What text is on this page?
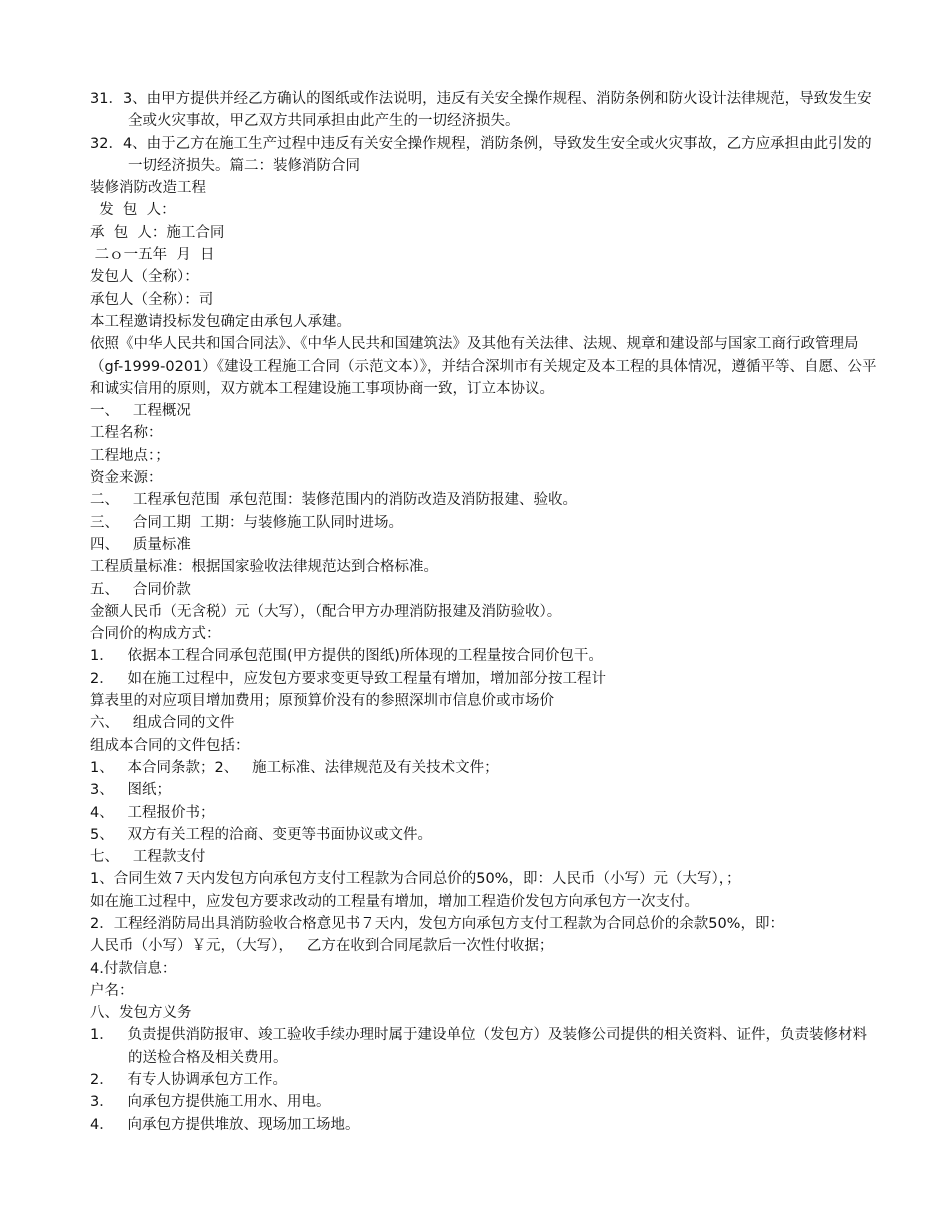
31．3、由甲方提供并经乙方确认的图纸或作法说明，违反有关安全操作规程、消防条例和防火设计法律规范，导致发生安全或火灾事故，甲乙双方共同承担由此产生的一切经济损失。
32．4、由于乙方在施工生产过程中违反有关安全操作规程，消防条例，导致发生安全或火灾事故，乙方应承担由此引发的一切经济损失。篇二：装修消防合同
装修消防改造工程
发  包  人：
承  包  人：施工合同
二ｏ一五年  月  日
发包人（全称）：
承包人（全称）：司
本工程邀请投标发包确定由承包人承建。
依照《中华人民共和国合同法》、《中华人民共和国建筑法》及其他有关法律、法规、规章和建设部与国家工商行政管理局（gf-1999-0201）《建设工程施工合同（示范文本）》，并结合深圳市有关规定及本工程的具体情况，遵循平等、自愿、公平和诚实信用的原则，双方就本工程建设施工事项协商一致，订立本协议。
一、   工程概况
工程名称：
工程地点：；
资金来源：
二、   工程承包范围  承包范围：装修范围内的消防改造及消防报建、验收。
三、   合同工期  工期：与装修施工队同时进场。
四、   质量标准
工程质量标准：根据国家验收法律规范达到合格标准。
五、   合同价款
金额人民币（无含税）元（大写），（配合甲方办理消防报建及消防验收）。
合同价的构成方式：
1．   依据本工程合同承包范围(甲方提供的图纸)所体现的工程量按合同价包干。
2．   如在施工过程中，应发包方要求变更导致工程量有增加，增加部分按工程计
算表里的对应项目增加费用；原预算价没有的参照深圳市信息价或市场价
六、   组成合同的文件
组成本合同的文件包括：
1、   本合同条款；2、   施工标准、法律规范及有关技术文件；
3、   图纸；
4、   工程报价书；
5、   双方有关工程的洽商、变更等书面协议或文件。
七、   工程款支付
1、合同生效７天内发包方向承包方支付工程款为合同总价的50%，即：人民币（小写）元（大写），；
如在施工过程中，应发包方要求改动的工程量有增加，增加工程造价发包方向承包方一次支付。
2．工程经消防局出具消防验收合格意见书７天内，发包方向承包方支付工程款为合同总价的余款50%，即：
人民币（小写）￥元，（大写），   乙方在收到合同尾款后一次性付收据；
4.付款信息：
户名：
八、发包方义务
1．   负责提供消防报审、竣工验收手续办理时属于建设单位（发包方）及装修公司提供的相关资料、证件，负责装修材料的送检合格及相关费用。
2．   有专人协调承包方工作。
3．   向承包方提供施工用水、用电。
4．   向承包方提供堆放、现场加工场地。
